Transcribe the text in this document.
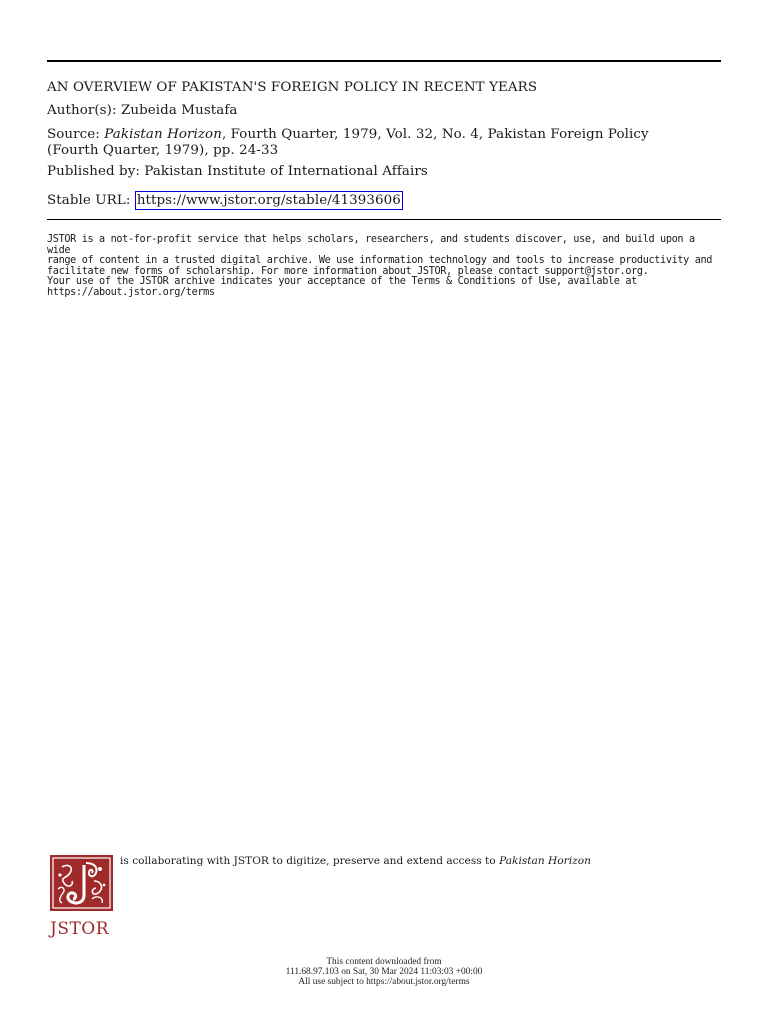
AN OVERVIEW OF PAKISTAN'S FOREIGN POLICY IN RECENT YEARS
Author(s): Zubeida Mustafa
Source: Pakistan Horizon, Fourth Quarter, 1979, Vol. 32, No. 4, Pakistan Foreign Policy
(Fourth Quarter, 1979), pp. 24-33
Published by: Pakistan Institute of International Affairs
Stable URL: https://www.jstor.org/stable/41393606
JSTOR is a not-for-profit service that helps scholars, researchers, and students discover, use, and build upon a wide
range of content in a trusted digital archive. We use information technology and tools to increase productivity and
facilitate new forms of scholarship. For more information about JSTOR, please contact support@jstor.org.
Your use of the JSTOR archive indicates your acceptance of the Terms & Conditions of Use, available at
https://about.jstor.org/terms
JSTOR
is collaborating with JSTOR to digitize, preserve and extend access to Pakistan Horizon
This content downloaded from
111.68.97.103 on Sat, 30 Mar 2024 11:03:03 +00:00
All use subject to https://about.jstor.org/terms
